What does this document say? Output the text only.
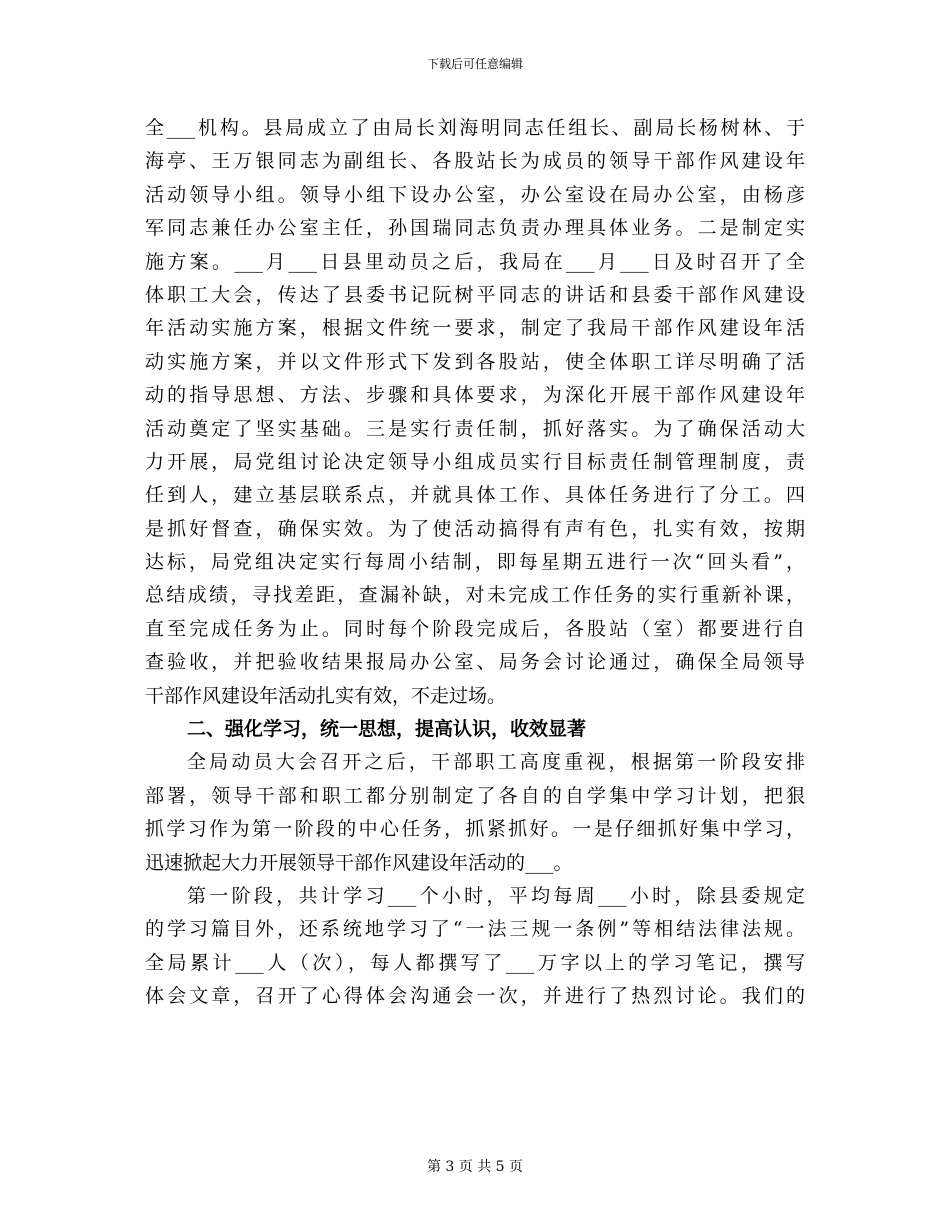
下载后可任意编辑
全___机构。县局成立了由局长刘海明同志任组长、副局长杨树林、于
海亭、王万银同志为副组长、各股站长为成员的领导干部作风建设年
活动领导小组。领导小组下设办公室，办公室设在局办公室，由杨彦
军同志兼任办公室主任，孙国瑞同志负责办理具体业务。二是制定实
施方案。___月___日县里动员之后，我局在___月___日及时召开了全
体职工大会，传达了县委书记阮树平同志的讲话和县委干部作风建设
年活动实施方案，根据文件统一要求，制定了我局干部作风建设年活
动实施方案，并以文件形式下发到各股站，使全体职工详尽明确了活
动的指导思想、方法、步骤和具体要求，为深化开展干部作风建设年
活动奠定了坚实基础。三是实行责任制，抓好落实。为了确保活动大
力开展，局党组讨论决定领导小组成员实行目标责任制管理制度，责
任到人，建立基层联系点，并就具体工作、具体任务进行了分工。四
是抓好督查，确保实效。为了使活动搞得有声有色，扎实有效，按期
达标，局党组决定实行每周小结制，即每星期五进行一次“回头看”，
总结成绩，寻找差距，查漏补缺，对未完成工作任务的实行重新补课，
直至完成任务为止。同时每个阶段完成后，各股站（室）都要进行自
查验收，并把验收结果报局办公室、局务会讨论通过，确保全局领导
干部作风建设年活动扎实有效，不走过场。
二、强化学习，统一思想，提高认识，收效显著
全局动员大会召开之后，干部职工高度重视，根据第一阶段安排
部署，领导干部和职工都分别制定了各自的自学集中学习计划，把狠
抓学习作为第一阶段的中心任务，抓紧抓好。一是仔细抓好集中学习，
迅速掀起大力开展领导干部作风建设年活动的___。
第一阶段，共计学习___个小时，平均每周___小时，除县委规定
的学习篇目外，还系统地学习了“一法三规一条例”等相结法律法规。
全局累计___人（次），每人都撰写了___万字以上的学习笔记，撰写
体会文章，召开了心得体会沟通会一次，并进行了热烈讨论。我们的
第 3 页 共 5 页
